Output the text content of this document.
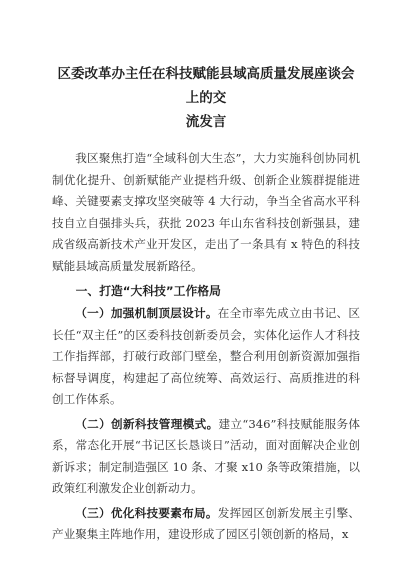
区委改革办主任在科技赋能县域高质量发展座谈会上的交
流发言

我区聚焦打造“全域科创大生态”，大力实施科创协同机制优化提升、创新赋能产业提档升级、创新企业簇群提能进峰、关键要素支撑攻坚突破等 4 大行动，争当全省高水平科技自立自强排头兵，获批 2023 年山东省科技创新强县，建成省级高新技术产业开发区，走出了一条具有 x 特色的科技赋能县域高质量发展新路径。

一、打造“大科技”工作格局

（一）加强机制顶层设计。在全市率先成立由书记、区长任“双主任”的区委科技创新委员会，实体化运作人才科技工作指挥部，打破行政部门壁垒，整合利用创新资源加强指标督导调度，构建起了高位统筹、高效运行、高质推进的科创工作体系。

（二）创新科技管理模式。建立“346”科技赋能服务体系，常态化开展“书记区长恳谈日”活动，面对面解决企业创新诉求；制定制造强区 10 条、才聚 x10 条等政策措施，以政策红利激发企业创新动力。

（三）优化科技要素布局。发挥园区创新发展主引擎、产业聚集主阵地作用，建设形成了园区引领创新的格局，x
